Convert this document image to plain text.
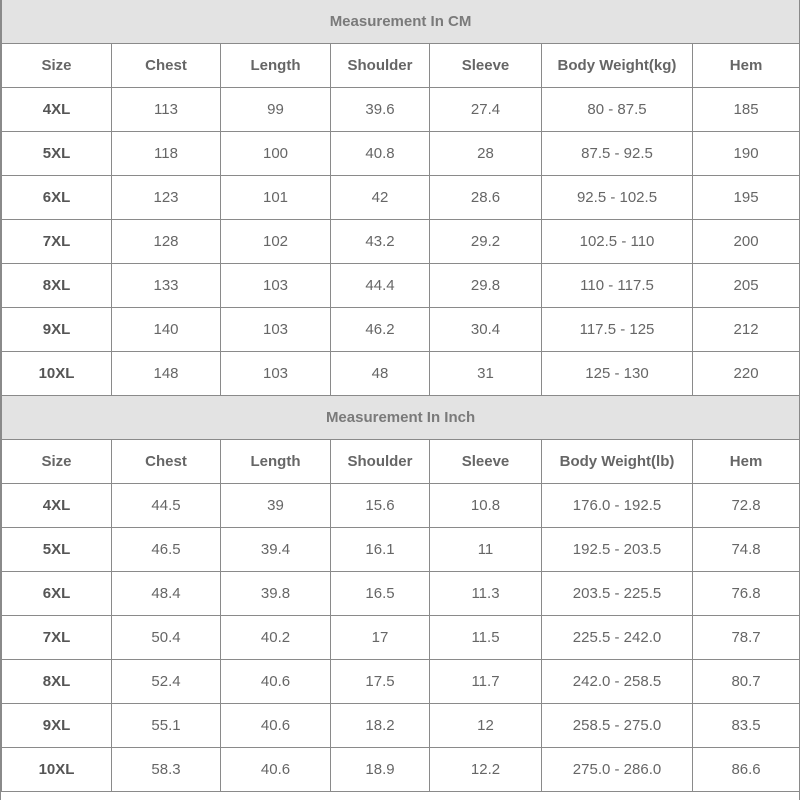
Measurement In CM						
Size	Chest	Length	Shoulder	Sleeve	Body Weight(kg)	Hem
4XL	113	99	39.6	27.4	80 - 87.5	185
5XL	118	100	40.8	28	87.5 - 92.5	190
6XL	123	101	42	28.6	92.5 - 102.5	195
7XL	128	102	43.2	29.2	102.5 - 110	200
8XL	133	103	44.4	29.8	110 - 117.5	205
9XL	140	103	46.2	30.4	117.5 - 125	212
10XL	148	103	48	31	125 - 130	220
Measurement In Inch						
Size	Chest	Length	Shoulder	Sleeve	Body Weight(lb)	Hem
4XL	44.5	39	15.6	10.8	176.0 - 192.5	72.8
5XL	46.5	39.4	16.1	11	192.5 - 203.5	74.8
6XL	48.4	39.8	16.5	11.3	203.5 - 225.5	76.8
7XL	50.4	40.2	17	11.5	225.5 - 242.0	78.7
8XL	52.4	40.6	17.5	11.7	242.0 - 258.5	80.7
9XL	55.1	40.6	18.2	12	258.5 - 275.0	83.5
10XL	58.3	40.6	18.9	12.2	275.0 - 286.0	86.6
